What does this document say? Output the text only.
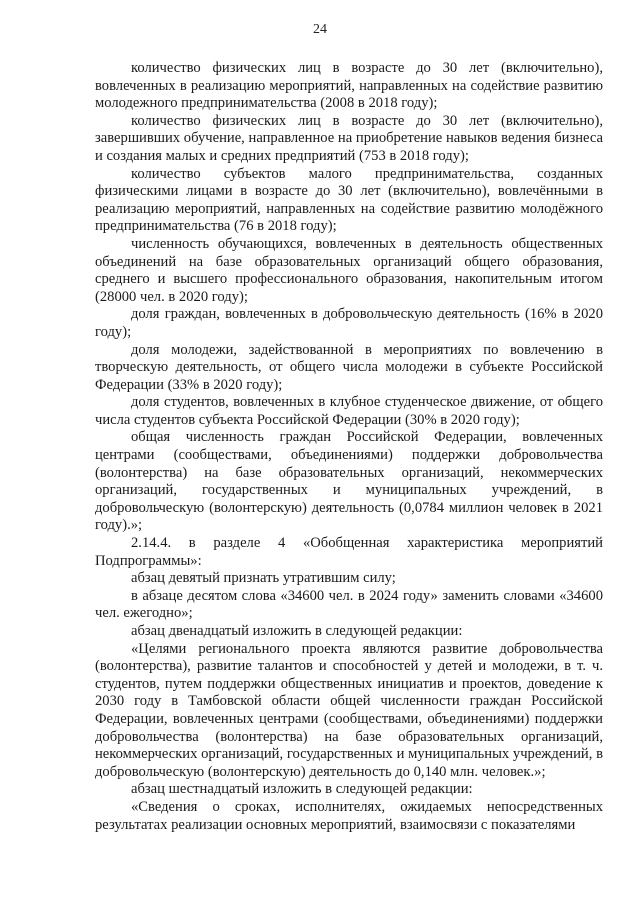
24

количество физических лиц в возрасте до 30 лет (включительно), вовлеченных в реализацию мероприятий, направленных на содействие развитию молодежного предпринимательства (2008 в 2018 году);

количество физических лиц в возрасте до 30 лет (включительно), завершивших обучение, направленное на приобретение навыков ведения бизнеса и создания малых и средних предприятий (753 в 2018 году);

количество субъектов малого предпринимательства, созданных физическими лицами в возрасте до 30 лет (включительно), вовлечёнными в реализацию мероприятий, направленных на содействие развитию молодёжного предпринимательства (76 в 2018 году);

численность обучающихся, вовлеченных в деятельность общественных объединений на базе образовательных организаций общего образования, среднего и высшего профессионального образования, накопительным итогом (28000 чел. в 2020 году);

доля граждан, вовлеченных в добровольческую деятельность (16% в 2020 году);

доля молодежи, задействованной в мероприятиях по вовлечению в творческую деятельность, от общего числа молодежи в субъекте Российской Федерации (33% в 2020 году);

доля студентов, вовлеченных в клубное студенческое движение, от общего числа студентов субъекта Российской Федерации (30% в 2020 году);

общая численность граждан Российской Федерации, вовлеченных центрами (сообществами, объединениями) поддержки добровольчества (волонтерства) на базе образовательных организаций, некоммерческих организаций, государственных и муниципальных учреждений, в добровольческую (волонтерскую) деятельность (0,0784 миллион человек в 2021 году).»;

2.14.4. в разделе 4 «Обобщенная характеристика мероприятий Подпрограммы»:

абзац девятый признать утратившим силу;

в абзаце десятом слова «34600 чел. в 2024 году» заменить словами «34600 чел. ежегодно»;

абзац двенадцатый изложить в следующей редакции:

«Целями регионального проекта являются развитие добровольчества (волонтерства), развитие талантов и способностей у детей и молодежи, в т. ч. студентов, путем поддержки общественных инициатив и проектов, доведение к 2030 году в Тамбовской области общей численности граждан Российской Федерации, вовлеченных центрами (сообществами, объединениями) поддержки добровольчества (волонтерства) на базе образовательных организаций, некоммерческих организаций, государственных и муниципальных учреждений, в добровольческую (волонтерскую) деятельность до 0,140 млн. человек.»;

абзац шестнадцатый изложить в следующей редакции:

«Сведения о сроках, исполнителях, ожидаемых непосредственных результатах реализации основных мероприятий, взаимосвязи с показателями
